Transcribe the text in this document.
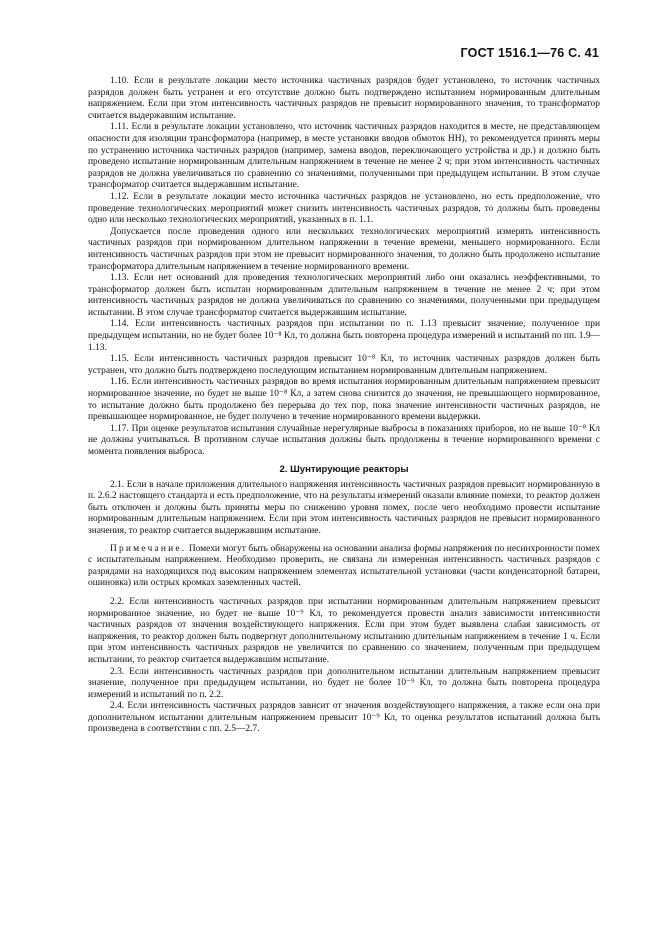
ГОСТ 1516.1—76 С. 41

1.10. Если в результате локации место источника частичных разрядов будет установлено, то источник частичных разрядов должен быть устранен и его отсутствие должно быть подтверждено испытанием нормированным длительным напряжением. Если при этом интенсивность частичных разрядов не превысит нормированного значения, то трансформатор считается выдержавшим испытание.

1.11. Если в результате локации установлено, что источник частичных разрядов находится в месте, не представляющем опасности для изоляции трансформатора (например, в месте установки вводов обмоток НН), то рекомендуется принять меры по устранению источника частичных разрядов (например, замена вводов, переключающего устройства и др.) и должно быть проведено испытание нормированным длительным напряжением в течение не менее 2 ч; при этом интенсивность частичных разрядов не должна увеличиваться по сравнению со значениями, полученными при предыдущем испытании. В этом случае трансформатор считается выдержавшим испытание.

1.12. Если в результате локации место источника частичных разрядов не установлено, но есть предположение, что проведение технологических мероприятий может снизить интенсивность частичных разрядов, то должны быть проведены одно или несколько технологических мероприятий, указанных в п. 1.1.

Допускается после проведения одного или нескольких технологических мероприятий измерять интенсивность частичных разрядов при нормированном длительном напряжении в течение времени, меньшего нормированного. Если интенсивность частичных разрядов при этом не превысит нормированного значения, то должно быть продолжено испытание трансформатора длительным напряжением в течение нормированного времени.

1.13. Если нет оснований для проведения технологических мероприятий либо они оказались неэффективными, то трансформатор должен быть испытан нормированным длительным напряжением в течение не менее 2 ч; при этом интенсивность частичных разрядов не должна увеличиваться по сравнению со значениями, полученными при предыдущем испытании. В этом случае трансформатор считается выдержавшим испытание.

1.14. Если интенсивность частичных разрядов при испытании по п. 1.13 превысит значение, полученное при предыдущем испытании, но не будет более 10⁻⁸ Кл, то должна быть повторена процедура измерений и испытаний по пп. 1.9—1.13.

1.15. Если интенсивность частичных разрядов превысит 10⁻⁸ Кл, то источник частичных разрядов должен быть устранен, что должно быть подтверждено последующим испытанием нормированным длительным напряжением.

1.16. Если интенсивность частичных разрядов во время испытания нормированным длительным напряжением превысит нормированное значение, но будет не выше 10⁻⁸ Кл, а затем снова снизится до значения, не превышающего нормированное, то испытание должно быть продолжено без перерыва до тех пор, пока значение интенсивности частичных разрядов, не превышающее нормированное, не будет получено в течение нормированного времени выдержки.

1.17. При оценке результатов испытания случайные нерегулярные выбросы в показаниях приборов, но не выше 10⁻⁸ Кл не должны учитываться. В противном случае испытания должны быть продолжены в течение нормированного времени с момента появления выброса.

2. Шунтирующие реакторы

2.1. Если в начале приложения длительного напряжения интенсивность частичных разрядов превысит нормированную в п. 2.6.2 настоящего стандарта и есть предположение, что на результаты измерений оказали влияние помехи, то реактор должен быть отключен и должны быть приняты меры по снижению уровня помех, после чего необходимо провести испытание нормированным длительным напряжением. Если при этом интенсивность частичных разрядов не превысит нормированного значения, то реактор считается выдержавшим испытание.

Примечание. Помехи могут быть обнаружены на основании анализа формы напряжения по несинхронности помех с испытательным напряжением. Необходимо проверить, не связана ли измеренная интенсивность частичных разрядов с разрядами на находящихся под высоким напряжением элементах испытательной установки (части конденсаторной батареи, ошиновка) или острых кромках заземленных частей.

2.2. Если интенсивность частичных разрядов при испытании нормированным длительным напряжением превысит нормированное значение, но будет не выше 10⁻⁹ Кл, то рекомендуется провести анализ зависимости интенсивности частичных разрядов от значения воздействующего напряжения. Если при этом будет выявлена слабая зависимость от напряжения, то реактор должен быть подвергнут дополнительному испытанию длительным напряжением в течение 1 ч. Если при этом интенсивность частичных разрядов не увеличится по сравнению со значением, полученным при предыдущем испытании, то реактор считается выдержавшим испытание.

2.3. Если интенсивность частичных разрядов при дополнительном испытании длительным напряжением превысит значение, полученное при предыдущем испытании, но будет не более 10⁻⁹ Кл, то должна быть повторена процедура измерений и испытаний по п. 2.2.

2.4. Если интенсивность частичных разрядов зависит от значения воздействующего напряжения, а также если она при дополнительном испытании длительным напряжением превысит 10⁻⁹ Кл, то оценка результатов испытаний должна быть произведена в соответствии с пп. 2.5—2.7.
